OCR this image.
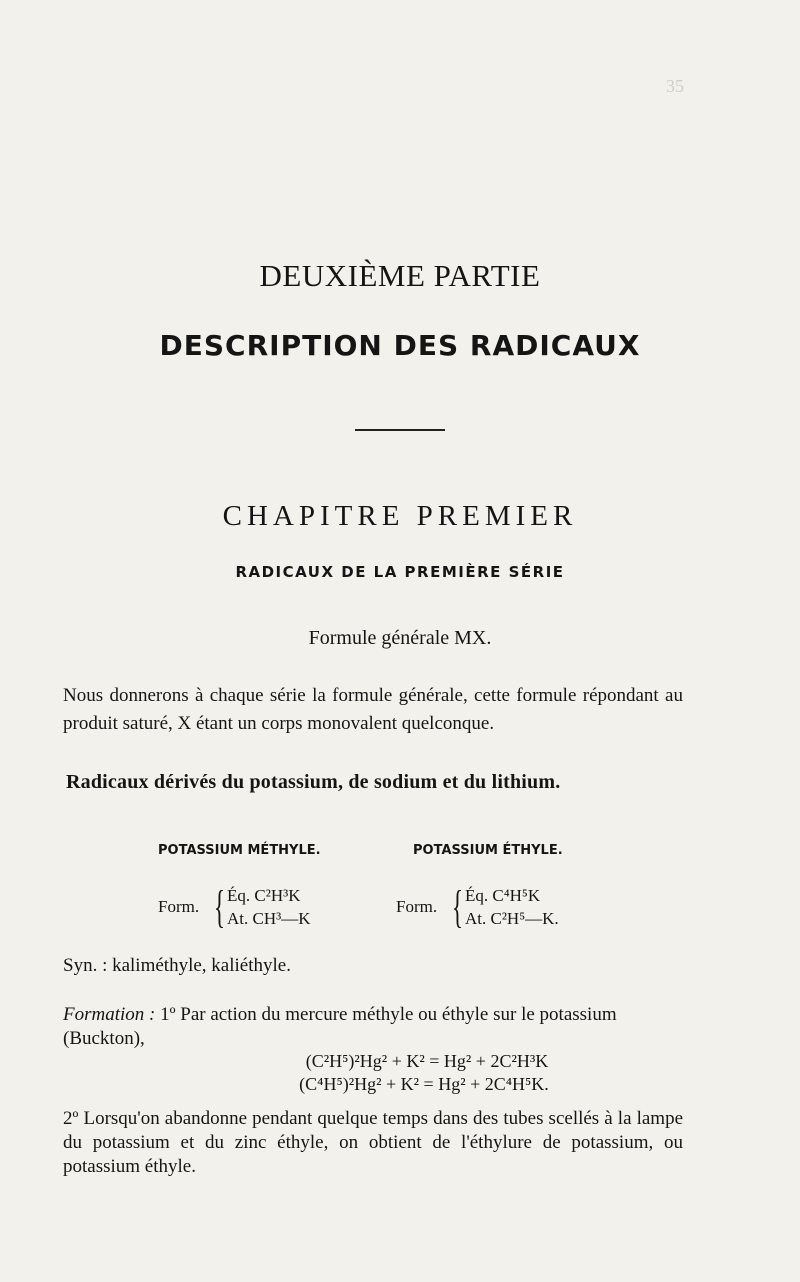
35
DEUXIÈME PARTIE
DESCRIPTION DES RADICAUX
CHAPITRE PREMIER
RADICAUX DE LA PREMIÈRE SÉRIE
Formule générale MX.
Nous donnerons à chaque série la formule générale, cette formule répondant au produit saturé, X étant un corps monovalent quelconque.
Radicaux dérivés du potassium, de sodium et du lithium.
POTASSIUM MÉTHYLE.	POTASSIUM ÉTHYLE.
Form. { Éq. C²H³K
At. CH³—K
Form. { Éq. C⁴H⁵K
At. C²H⁵—K.
Syn. : kaliméthyle, kaliéthyle.
Formation : 1º Par action du mercure méthyle ou éthyle sur le potassium (Buckton),
(C²H⁵)²Hg² + K² = Hg² + 2C²H³K
(C⁴H⁵)²Hg² + K² = Hg² + 2C⁴H⁵K.
2º Lorsqu'on abandonne pendant quelque temps dans des tubes scellés à la lampe du potassium et du zinc éthyle, on obtient de l'éthylure de potassium, ou potassium éthyle.
